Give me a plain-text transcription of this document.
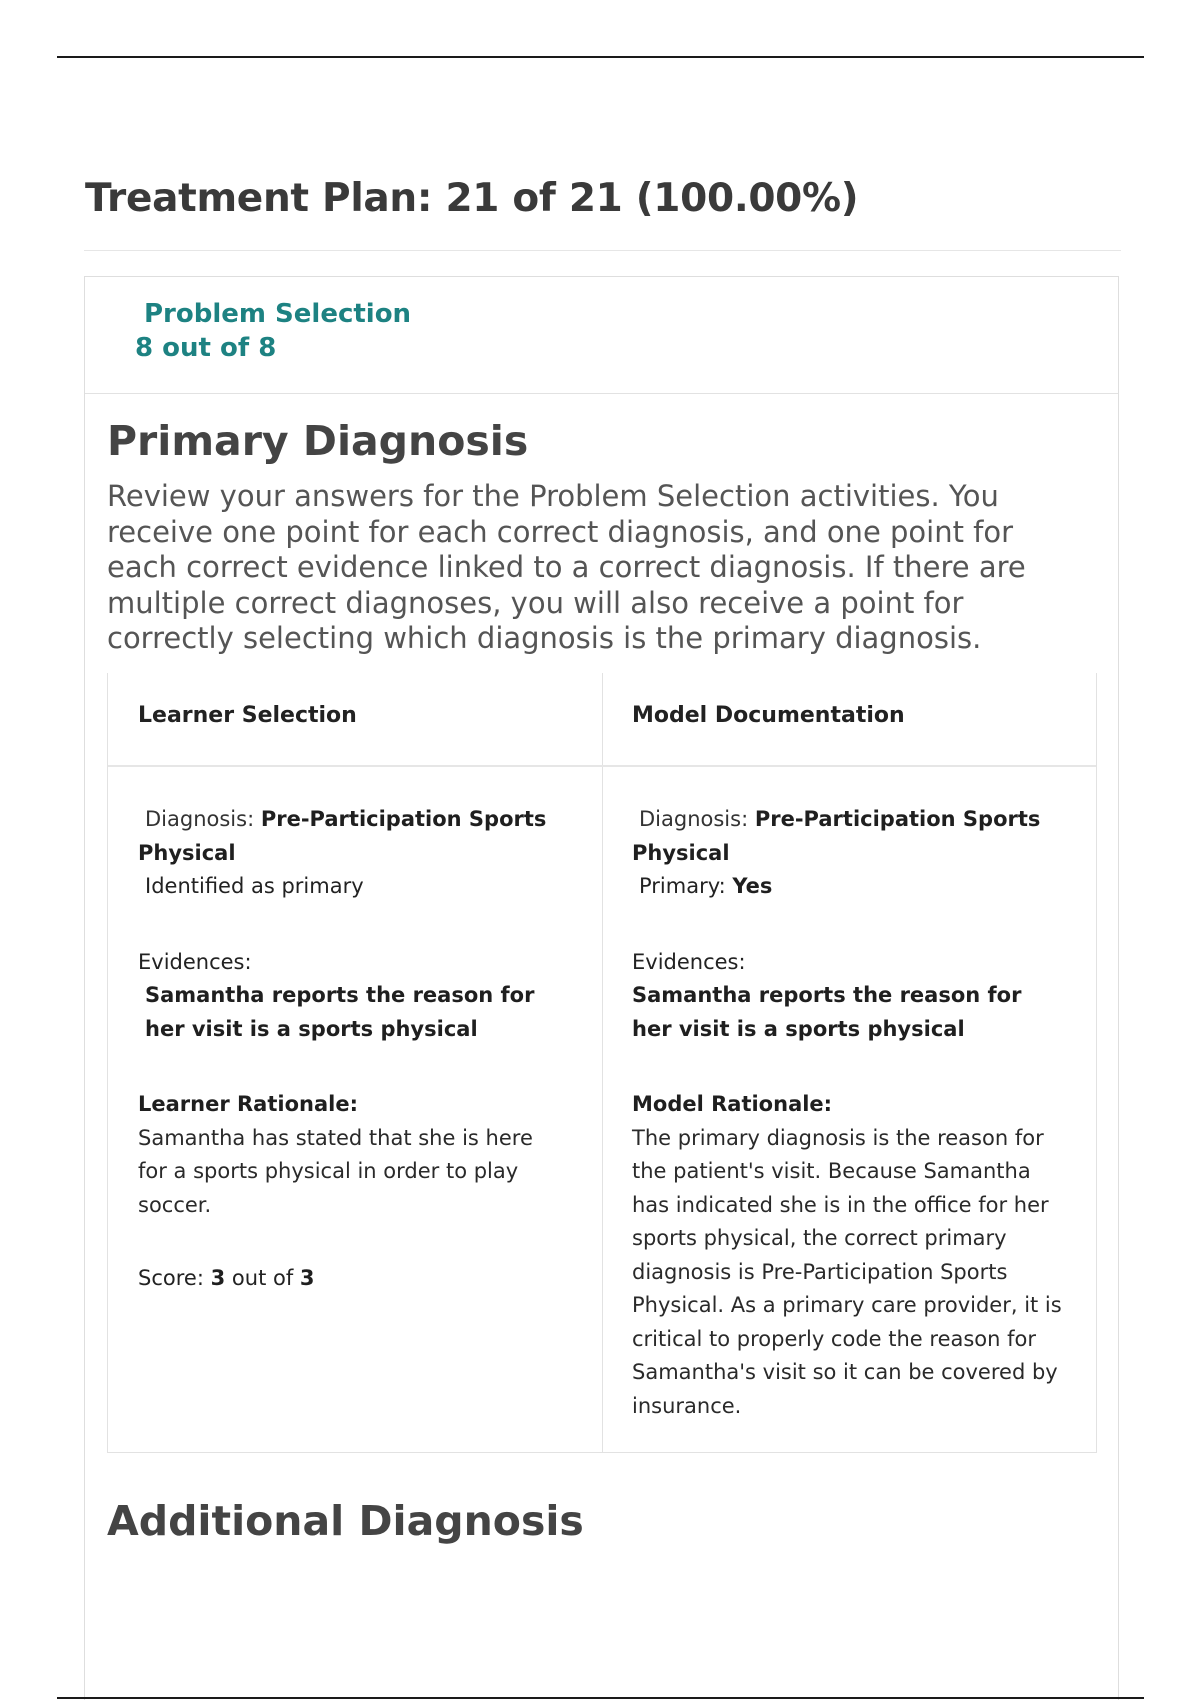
Treatment Plan: 21 of 21 (100.00%)
Problem Selection
8 out of 8
Primary Diagnosis

Review your answers for the Problem Selection activities. You receive one point for each correct diagnosis, and one point for each correct evidence linked to a correct diagnosis. If there are multiple correct diagnoses, you will also receive a point for correctly selecting which diagnosis is the primary diagnosis.

Learner Selection	Model Documentation
Diagnosis: Pre-Participation Sports Physical
Identified as primary
Evidences:
Samantha reports the reason for her visit is a sports physical
Learner Rationale:
Samantha has stated that she is here for a sports physical in order to play soccer.
Score: 3 out of 3
Diagnosis: Pre-Participation Sports Physical
Primary: Yes
Evidences:
Samantha reports the reason for her visit is a sports physical
Model Rationale:
The primary diagnosis is the reason for the patient's visit. Because Samantha has indicated she is in the office for her sports physical, the correct primary diagnosis is Pre-Participation Sports Physical. As a primary care provider, it is critical to properly code the reason for Samantha's visit so it can be covered by insurance.
Additional Diagnosis
